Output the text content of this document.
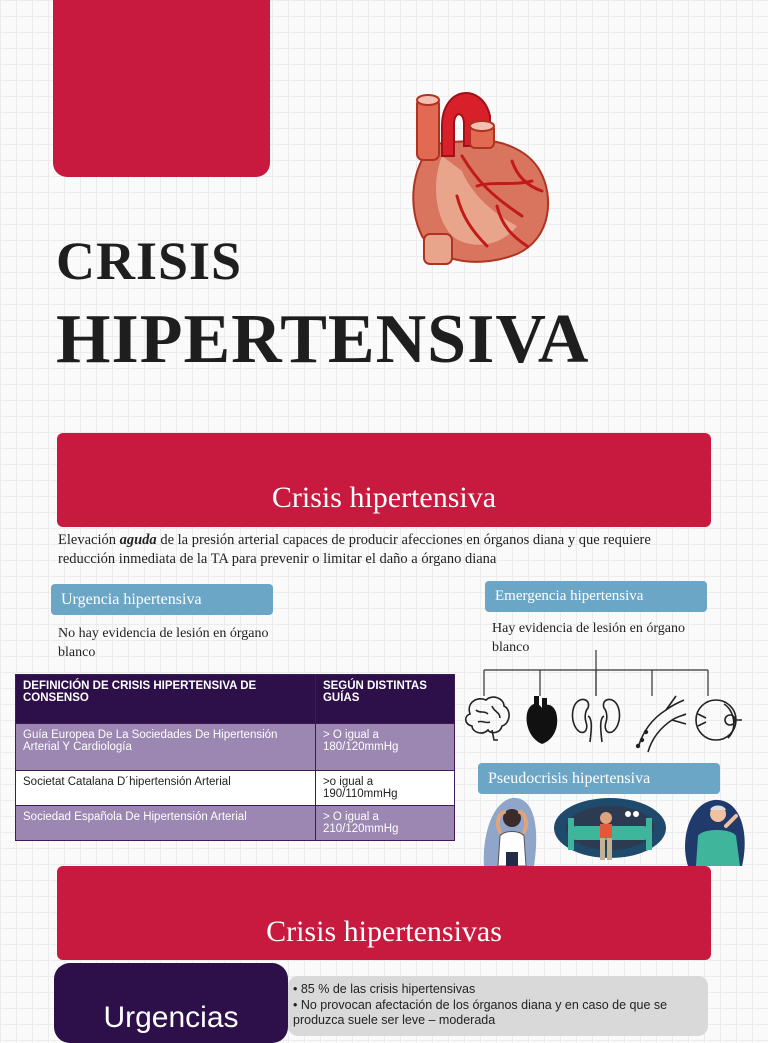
CRISIS
HIPERTENSIVA
Crisis hipertensiva
Elevación aguda de la presión arterial capaces de producir afecciones en órganos diana y que requiere reducción inmediata de la TA para prevenir o limitar el daño a órgano diana
Urgencia hipertensiva
No hay evidencia de lesión en órgano blanco
Emergencia hipertensiva
Hay evidencia de lesión en órgano blanco
DEFINICIÓN DE CRISIS HIPERTENSIVA DE CONSENSO	SEGÚN DISTINTAS GUÍAS
Guía Europea De La Sociedades De Hipertensión Arterial Y Cardiología	> O igual a 180/120mmHg
Societat Catalana D´hipertensión Arterial	>o igual a 190/110mmHg
Sociedad Española De Hipertensión Arterial	> O igual a 210/120mmHg
Pseudocrisis hipertensiva
Crisis hipertensivas
Urgencias
• 85 % de las crisis hipertensivas
• No provocan afectación de los órganos diana y en caso de que se produzca suele ser leve – moderada
